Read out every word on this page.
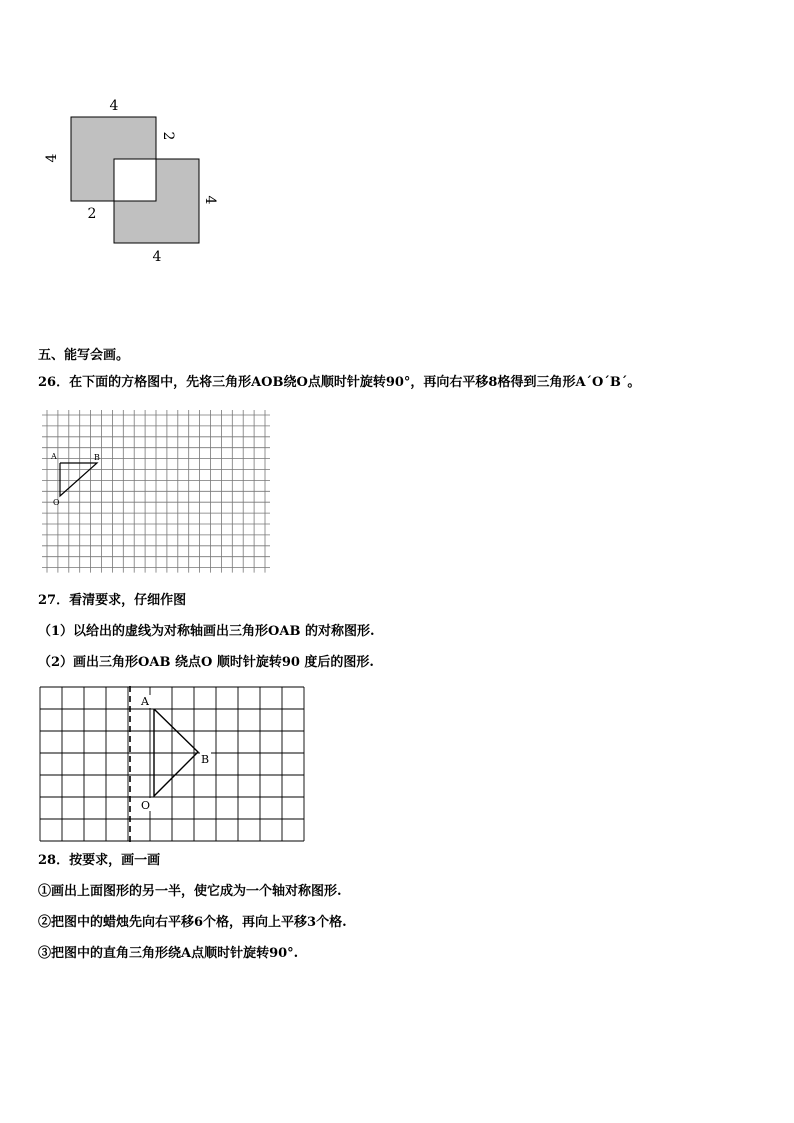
4
4
2
2
4
4
五、能写会画。
26．在下面的方格图中，先将三角形AOB绕O点顺时针旋转90°，再向右平移8格得到三角形A´O´B´。
A	B
O
27．看清要求，仔细作图
（1）以给出的虚线为对称轴画出三角形OAB 的对称图形.
（2）画出三角形OAB 绕点O 顺时针旋转90 度后的图形.
A
B
O
28．按要求，画一画
①画出上面图形的另一半，使它成为一个轴对称图形.
②把图中的蜡烛先向右平移6个格，再向上平移3个格.
③把图中的直角三角形绕A点顺时针旋转90°.
